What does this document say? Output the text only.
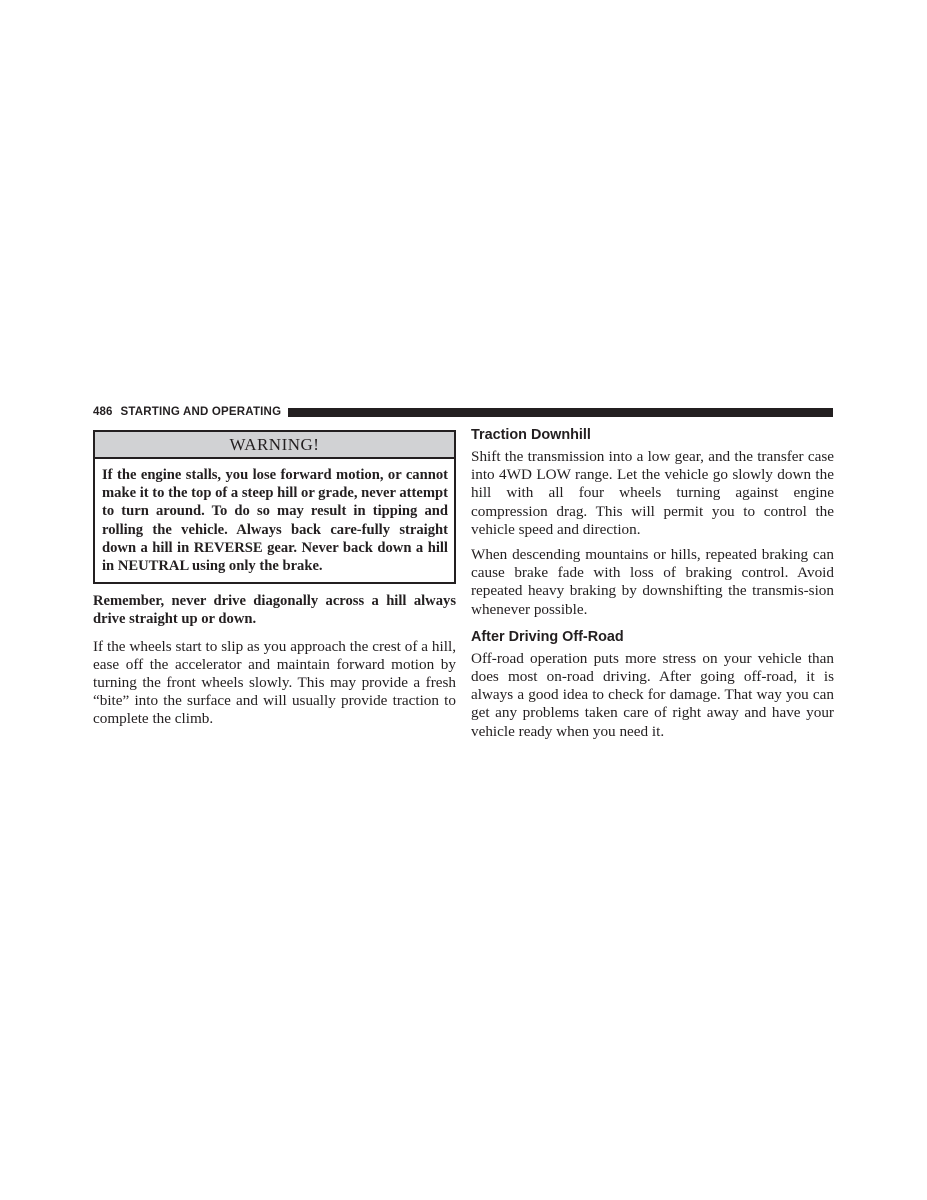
486 STARTING AND OPERATING
WARNING!
If the engine stalls, you lose forward motion, or cannot make it to the top of a steep hill or grade, never attempt to turn around. To do so may result in tipping and rolling the vehicle. Always back care-fully straight down a hill in REVERSE gear. Never back down a hill in NEUTRAL using only the brake.

Remember, never drive diagonally across a hill always drive straight up or down.

If the wheels start to slip as you approach the crest of a hill, ease off the accelerator and maintain forward motion by turning the front wheels slowly. This may provide a fresh “bite” into the surface and will usually provide traction to complete the climb.

Traction Downhill

Shift the transmission into a low gear, and the transfer case into 4WD LOW range. Let the vehicle go slowly down the hill with all four wheels turning against engine compression drag. This will permit you to control the vehicle speed and direction.

When descending mountains or hills, repeated braking can cause brake fade with loss of braking control. Avoid repeated heavy braking by downshifting the transmis-sion whenever possible.

After Driving Off-Road

Off-road operation puts more stress on your vehicle than does most on-road driving. After going off-road, it is always a good idea to check for damage. That way you can get any problems taken care of right away and have your vehicle ready when you need it.
